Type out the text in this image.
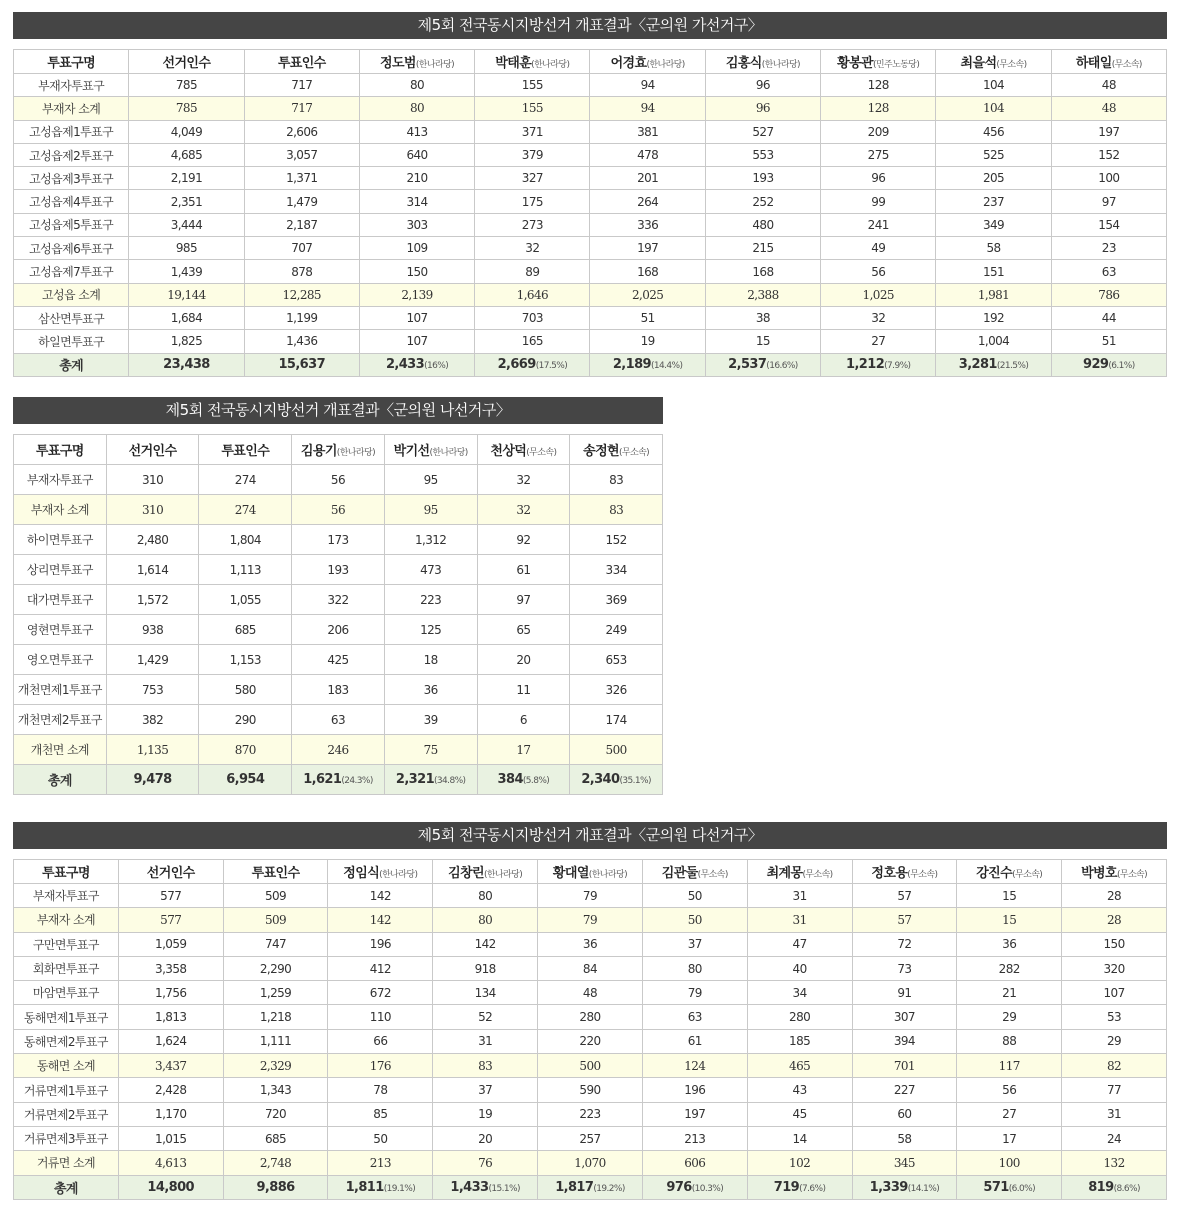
제5회 전국동시지방선거 개표결과〈군의원 가선거구〉
투표구명	선거인수	투표인수	정도범(한나라당)	박태훈(한나라당)	어경효(한나라당)	김홍식(한나라당)	황봉관(민주노동당)	최을석(무소속)	하태일(무소속)
부재자투표구	785	717	80	155	94	96	128	104	48
부재자 소계	785	717	80	155	94	96	128	104	48
고성읍제1투표구	4,049	2,606	413	371	381	527	209	456	197
고성읍제2투표구	4,685	3,057	640	379	478	553	275	525	152
고성읍제3투표구	2,191	1,371	210	327	201	193	96	205	100
고성읍제4투표구	2,351	1,479	314	175	264	252	99	237	97
고성읍제5투표구	3,444	2,187	303	273	336	480	241	349	154
고성읍제6투표구	985	707	109	32	197	215	49	58	23
고성읍제7투표구	1,439	878	150	89	168	168	56	151	63
고성읍 소계	19,144	12,285	2,139	1,646	2,025	2,388	1,025	1,981	786
삼산면투표구	1,684	1,199	107	703	51	38	32	192	44
하일면투표구	1,825	1,436	107	165	19	15	27	1,004	51
총계	23,438	15,637	2,433(16%)	2,669(17.5%)	2,189(14.4%)	2,537(16.6%)	1,212(7.9%)	3,281(21.5%)	929(6.1%)
제5회 전국동시지방선거 개표결과〈군의원 나선거구〉
투표구명	선거인수	투표인수	김용기(한나라당)	박기선(한나라당)	천상덕(무소속)	송정현(무소속)
부재자투표구	310	274	56	95	32	83
부재자 소계	310	274	56	95	32	83
하이면투표구	2,480	1,804	173	1,312	92	152
상리면투표구	1,614	1,113	193	473	61	334
대가면투표구	1,572	1,055	322	223	97	369
영현면투표구	938	685	206	125	65	249
영오면투표구	1,429	1,153	425	18	20	653
개천면제1투표구	753	580	183	36	11	326
개천면제2투표구	382	290	63	39	6	174
개천면 소계	1,135	870	246	75	17	500
총계	9,478	6,954	1,621(24.3%)	2,321(34.8%)	384(5.8%)	2,340(35.1%)
제5회 전국동시지방선거 개표결과〈군의원 다선거구〉
투표구명	선거인수	투표인수	정임식(한나라당)	김창린(한나라당)	황대열(한나라당)	김관둘(무소속)	최계몽(무소속)	정호용(무소속)	강진수(무소속)	박병호(무소속)
부재자투표구	577	509	142	80	79	50	31	57	15	28
부재자 소계	577	509	142	80	79	50	31	57	15	28
구만면투표구	1,059	747	196	142	36	37	47	72	36	150
회화면투표구	3,358	2,290	412	918	84	80	40	73	282	320
마암면투표구	1,756	1,259	672	134	48	79	34	91	21	107
동해면제1투표구	1,813	1,218	110	52	280	63	280	307	29	53
동해면제2투표구	1,624	1,111	66	31	220	61	185	394	88	29
동해면 소계	3,437	2,329	176	83	500	124	465	701	117	82
거류면제1투표구	2,428	1,343	78	37	590	196	43	227	56	77
거류면제2투표구	1,170	720	85	19	223	197	45	60	27	31
거류면제3투표구	1,015	685	50	20	257	213	14	58	17	24
거류면 소계	4,613	2,748	213	76	1,070	606	102	345	100	132
총계	14,800	9,886	1,811(19.1%)	1,433(15.1%)	1,817(19.2%)	976(10.3%)	719(7.6%)	1,339(14.1%)	571(6.0%)	819(8.6%)
